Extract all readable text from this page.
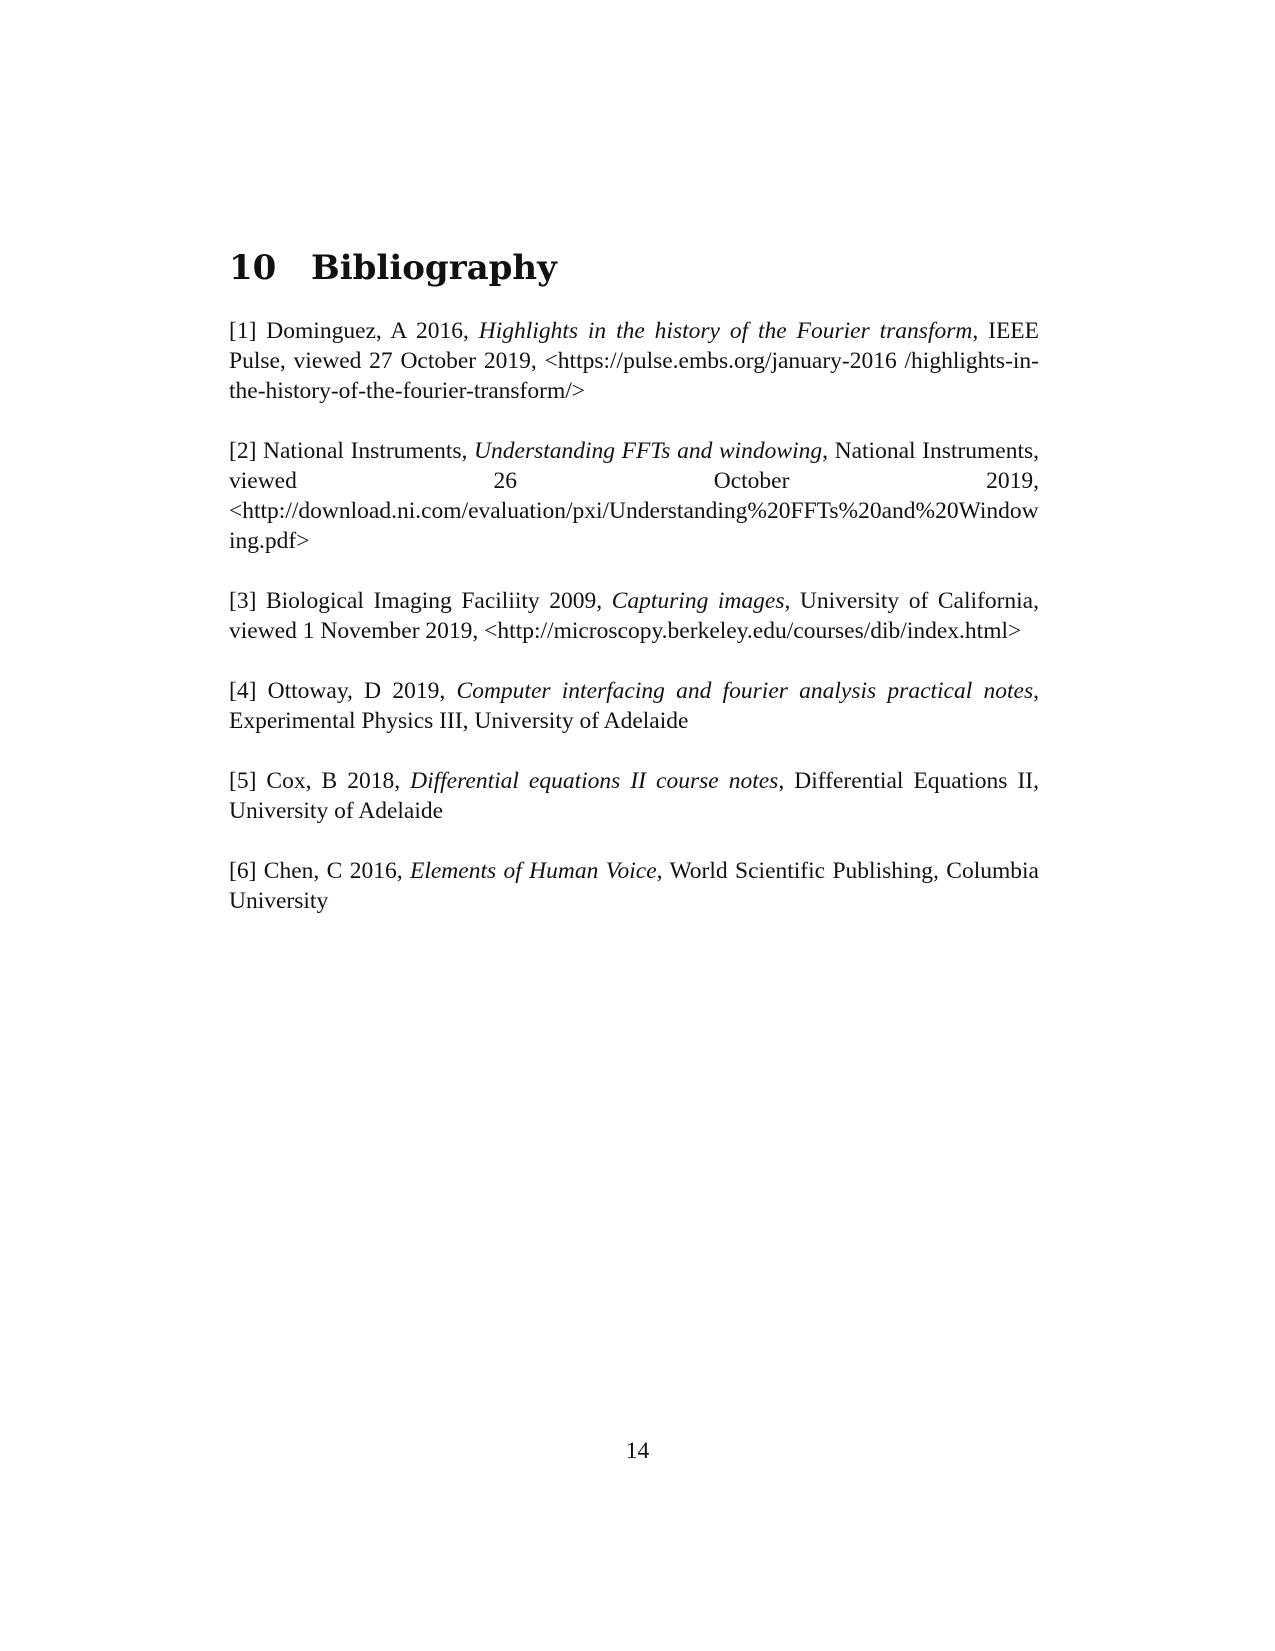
10 Bibliography
[1] Dominguez, A 2016, Highlights in the history of the Fourier transform, IEEE Pulse, viewed 27 October 2019, <https://pulse.embs.org/january-2016 /highlights-in-the-history-of-the-fourier-transform/>
[2] National Instruments, Understanding FFTs and windowing, National Instruments, viewed 26 October 2019, <http://download.ni.com/evaluation/pxi/Understanding%20FFTs%20and%20Windowing.pdf>
[3] Biological Imaging Faciliity 2009, Capturing images, University of California, viewed 1 November 2019, <http://microscopy.berkeley.edu/courses/dib/index.html>
[4] Ottoway, D 2019, Computer interfacing and fourier analysis practical notes, Experimental Physics III, University of Adelaide
[5] Cox, B 2018, Differential equations II course notes, Differential Equations II, University of Adelaide
[6] Chen, C 2016, Elements of Human Voice, World Scientific Publishing, Columbia University
14
